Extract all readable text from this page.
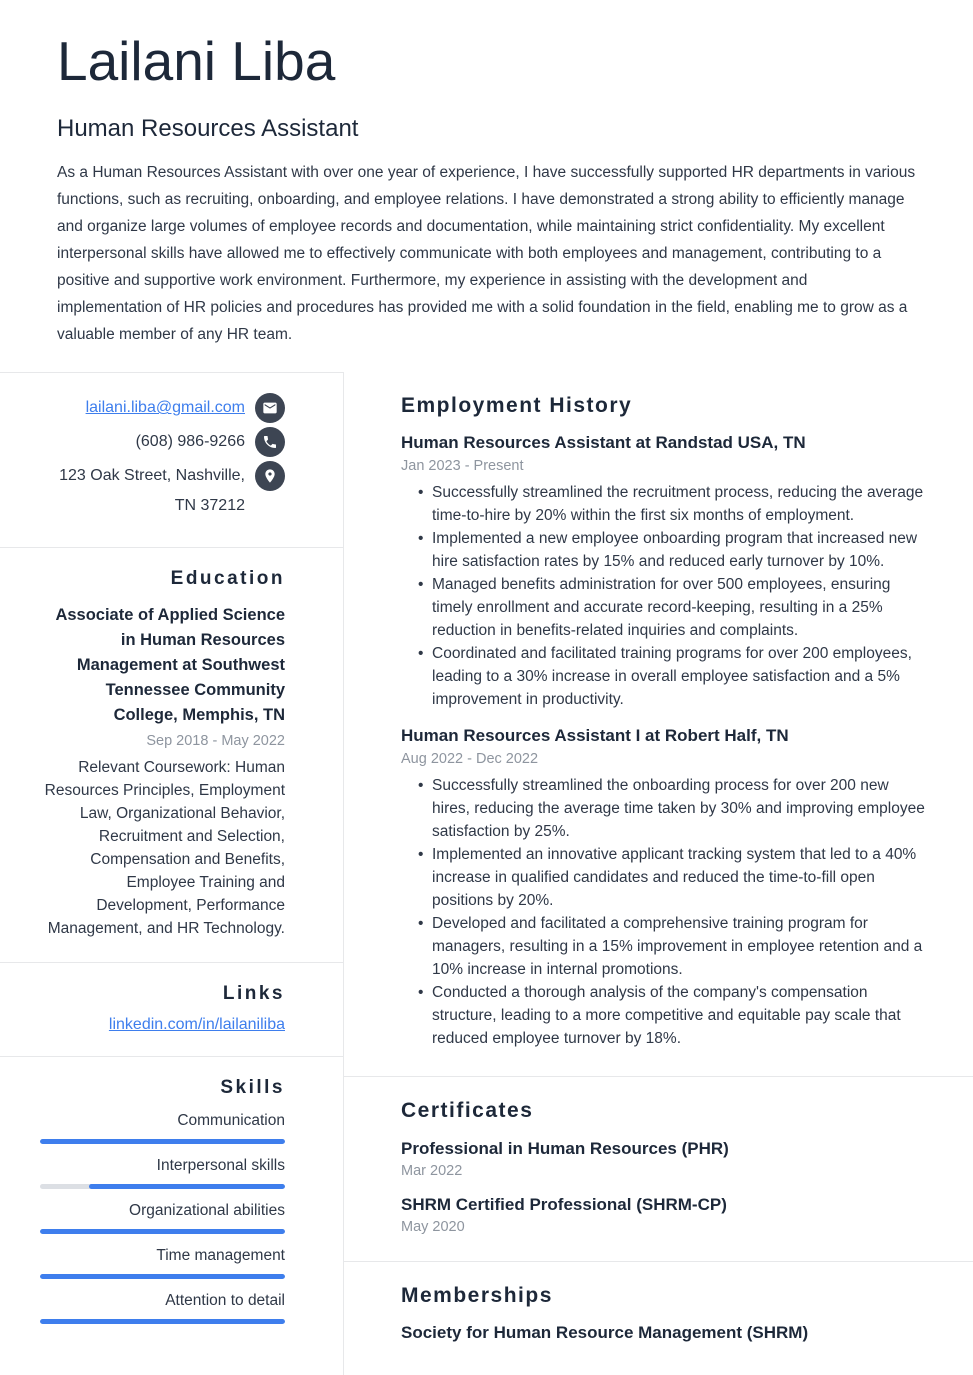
Lailani Liba
Human Resources Assistant

As a Human Resources Assistant with over one year of experience, I have successfully supported HR departments in various functions, such as recruiting, onboarding, and employee relations. I have demonstrated a strong ability to efficiently manage and organize large volumes of employee records and documentation, while maintaining strict confidentiality. My excellent interpersonal skills have allowed me to effectively communicate with both employees and management, contributing to a positive and supportive work environment. Furthermore, my experience in assisting with the development and implementation of HR policies and procedures has provided me with a solid foundation in the field, enabling me to grow as a valuable member of any HR team.

lailani.liba@gmail.com
(608) 986-9266
123 Oak Street, Nashville, TN 37212
Education
Associate of Applied Science in Human Resources Management at Southwest Tennessee Community College, Memphis, TN
Sep 2018 - May 2022
Relevant Coursework: Human Resources Principles, Employment Law, Organizational Behavior, Recruitment and Selection, Compensation and Benefits, Employee Training and Development, Performance Management, and HR Technology.
Links
linkedin.com/in/lailaniliba
Skills
Communication
Interpersonal skills
Organizational abilities
Time management
Attention to detail
Employment History
Human Resources Assistant at Randstad USA, TN
Jan 2023 - Present
• Successfully streamlined the recruitment process, reducing the average time-to-hire by 20% within the first six months of employment.
• Implemented a new employee onboarding program that increased new hire satisfaction rates by 15% and reduced early turnover by 10%.
• Managed benefits administration for over 500 employees, ensuring timely enrollment and accurate record-keeping, resulting in a 25% reduction in benefits-related inquiries and complaints.
• Coordinated and facilitated training programs for over 200 employees, leading to a 30% increase in overall employee satisfaction and a 5% improvement in productivity.
Human Resources Assistant I at Robert Half, TN
Aug 2022 - Dec 2022
• Successfully streamlined the onboarding process for over 200 new hires, reducing the average time taken by 30% and improving employee satisfaction by 25%.
• Implemented an innovative applicant tracking system that led to a 40% increase in qualified candidates and reduced the time-to-fill open positions by 20%.
• Developed and facilitated a comprehensive training program for managers, resulting in a 15% improvement in employee retention and a 10% increase in internal promotions.
• Conducted a thorough analysis of the company's compensation structure, leading to a more competitive and equitable pay scale that reduced employee turnover by 18%.
Certificates
Professional in Human Resources (PHR)
Mar 2022
SHRM Certified Professional (SHRM-CP)
May 2020
Memberships
Society for Human Resource Management (SHRM)
